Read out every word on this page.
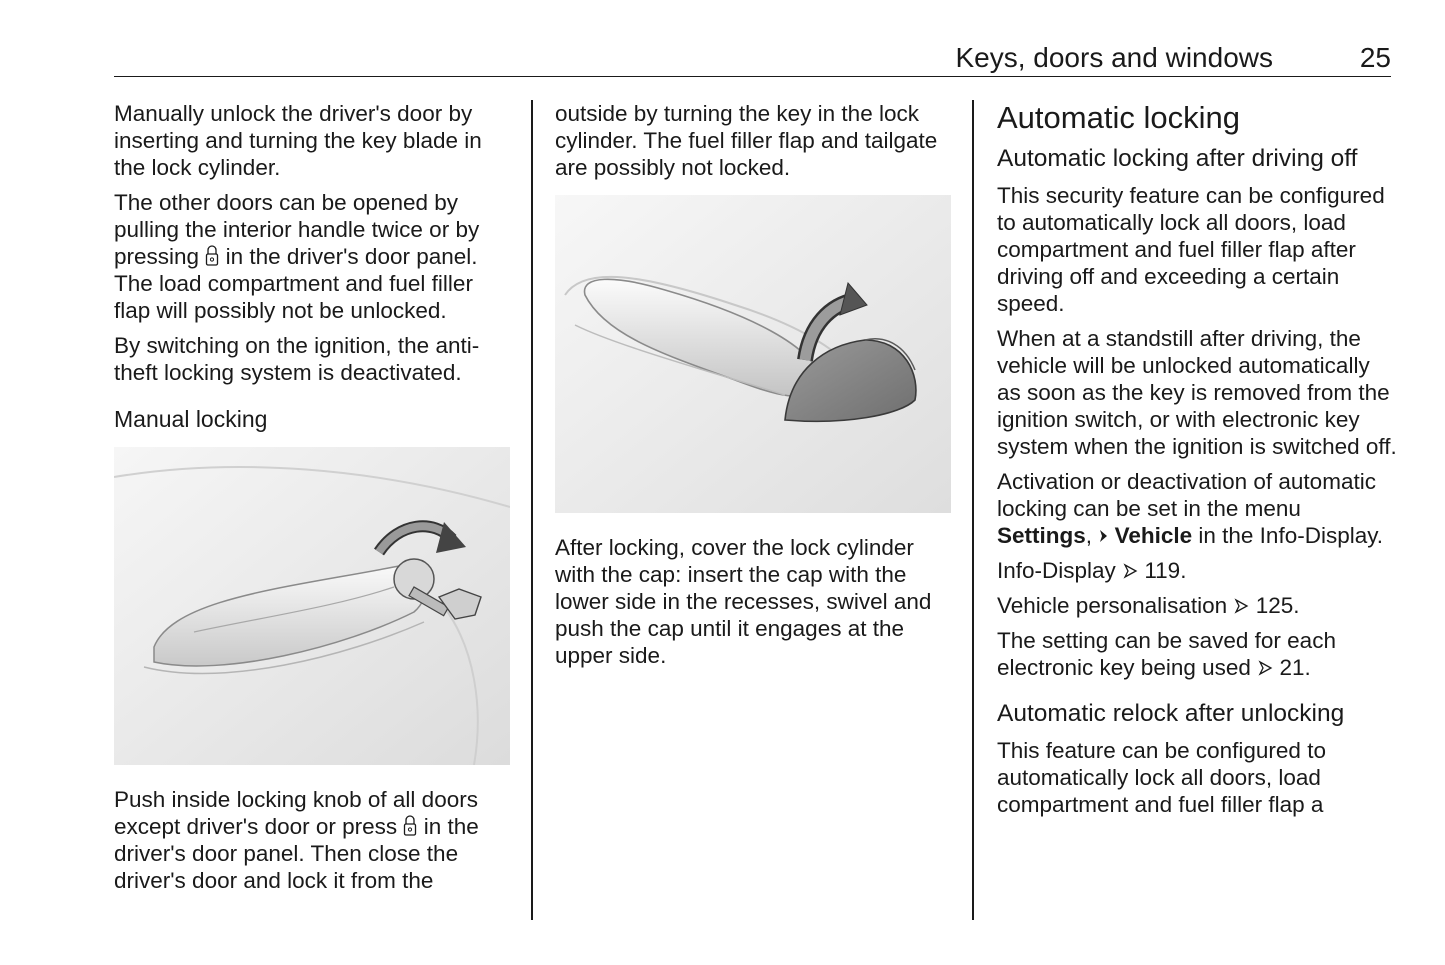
Keys, doors and windows	25

Manually unlock the driver's door by inserting and turning the key blade in the lock cylinder.

The other doors can be opened by pulling the interior handle twice or by pressing in the driver's door panel. The load compartment and fuel filler flap will possibly not be unlocked.

By switching on the ignition, the anti-theft locking system is deactivated.

Manual locking

Push inside locking knob of all doors except driver's door or press in the driver's door panel. Then close the driver's door and lock it from the

outside by turning the key in the lock cylinder. The fuel filler flap and tailgate are possibly not locked.

After locking, cover the lock cylinder with the cap: insert the cap with the lower side in the recesses, swivel and push the cap until it engages at the upper side.

Automatic locking

Automatic locking after driving off

This security feature can be configured to automatically lock all doors, load compartment and fuel filler flap after driving off and exceeding a certain speed.

When at a standstill after driving, the vehicle will be unlocked automatically as soon as the key is removed from the ignition switch, or with electronic key system when the ignition is switched off.

Activation or deactivation of automatic locking can be set in the menu Settings, Vehicle in the Info-Display.

Info-Display 119.

Vehicle personalisation 125.

The setting can be saved for each electronic key being used 21.

Automatic relock after unlocking

This feature can be configured to automatically lock all doors, load compartment and fuel filler flap a
